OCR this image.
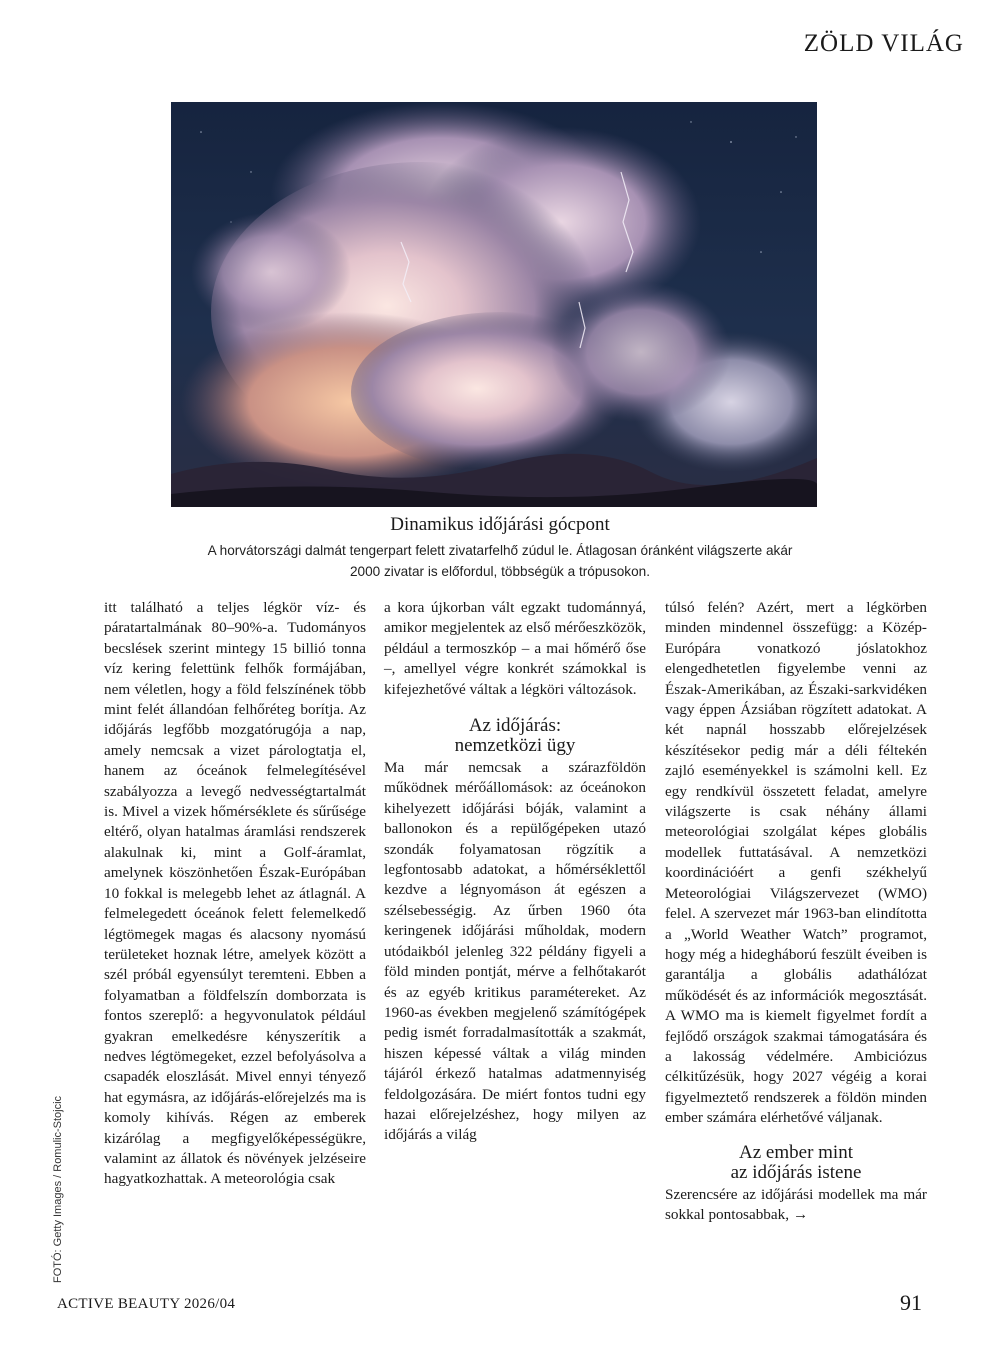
ZÖLD VILÁG
Dinamikus időjárási gócpont
A horvátországi dalmát tengerpart felett zivatarfelhő zúdul le. Átlagosan óránként világszerte akár 2000 zivatar is előfordul, többségük a trópusokon.

itt található a teljes légkör víz- és páratartalmának 80–90%-a. Tudományos becslések szerint mintegy 15 billió tonna víz kering felettünk felhők formájában, nem véletlen, hogy a föld felszínének több mint felét állandóan felhőréteg borítja. Az időjárás legfőbb mozgatórugója a nap, amely nemcsak a vizet párologtatja el, hanem az óceánok felmelegítésével szabályozza a levegő nedvességtartalmát is. Mivel a vizek hőmérséklete és sűrűsége eltérő, olyan hatalmas áramlási rendszerek alakulnak ki, mint a Golf-áramlat, amelynek köszönhetően Észak-Európában 10 fokkal is melegebb lehet az átlagnál. A felmelegedett óceánok felett felemelkedő légtömegek magas és alacsony nyomású területeket hoznak létre, amelyek között a szél próbál egyensúlyt teremteni. Ebben a folyamatban a földfelszín domborzata is fontos szereplő: a hegyvonulatok például gyakran emelkedésre kényszerítik a nedves légtömegeket, ezzel befolyásolva a csapadék eloszlását. Mivel ennyi tényező hat egymásra, az időjárás-előrejelzés ma is komoly kihívás. Régen az emberek kizárólag a megfigyelőképességükre, valamint az állatok és növények jelzéseire hagyatkozhattak. A meteorológia csak

a kora újkorban vált egzakt tudománnyá, amikor megjelentek az első mérőeszközök, például a termoszkóp – a mai hőmérő őse –, amellyel végre konkrét számokkal is kifejezhetővé váltak a légköri változások.

Az időjárás:
nemzetközi ügy

Ma már nemcsak a szárazföldön működnek mérőállomások: az óceánokon kihelyezett időjárási bóják, valamint a ballonokon és a repülőgépeken utazó szondák folyamatosan rögzítik a legfontosabb adatokat, a hőmérséklettől kezdve a légnyomáson át egészen a szélsebességig. Az űrben 1960 óta keringenek időjárási műholdak, modern utódaikból jelenleg 322 példány figyeli a föld minden pontját, mérve a felhőtakarót és az egyéb kritikus paramétereket. Az 1960-as években megjelenő számítógépek pedig ismét forradalmasították a szakmát, hiszen képessé váltak a világ minden tájáról érkező hatalmas adatmennyiség feldolgozására. De miért fontos tudni egy hazai előrejelzéshez, hogy milyen az időjárás a világ

túlsó felén? Azért, mert a légkörben minden mindennel összefügg: a Közép-Európára vonatkozó jóslatokhoz elengedhetetlen figyelembe venni az Észak-Amerikában, az Északi-sarkvidéken vagy éppen Ázsiában rögzített adatokat. A két napnál hosszabb előrejelzések készítésekor pedig már a déli féltekén zajló eseményekkel is számolni kell. Ez egy rendkívül összetett feladat, amelyre világszerte is csak néhány állami meteorológiai szolgálat képes globális modellek futtatásával. A nemzetközi koordinációért a genfi székhelyű Meteorológiai Világszervezet (WMO) felel. A szervezet már 1963-ban elindította a „World Weather Watch” programot, hogy még a hidegháború feszült éveiben is garantálja a globális adathálózat működését és az információk megosztását. A WMO ma is kiemelt figyelmet fordít a fejlődő országok szakmai támogatására és a lakosság védelmére. Ambiciózus célkitűzésük, hogy 2027 végéig a korai figyelmeztető rendszerek a földön minden ember számára elérhetővé váljanak.

Az ember mint
az időjárás istene

Szerencsére az időjárási modellek ma már sokkal pontosabbak, →

FOTÓ: Getty Images / Romulic-Stojcic
ACTIVE BEAUTY 2026/04	91
